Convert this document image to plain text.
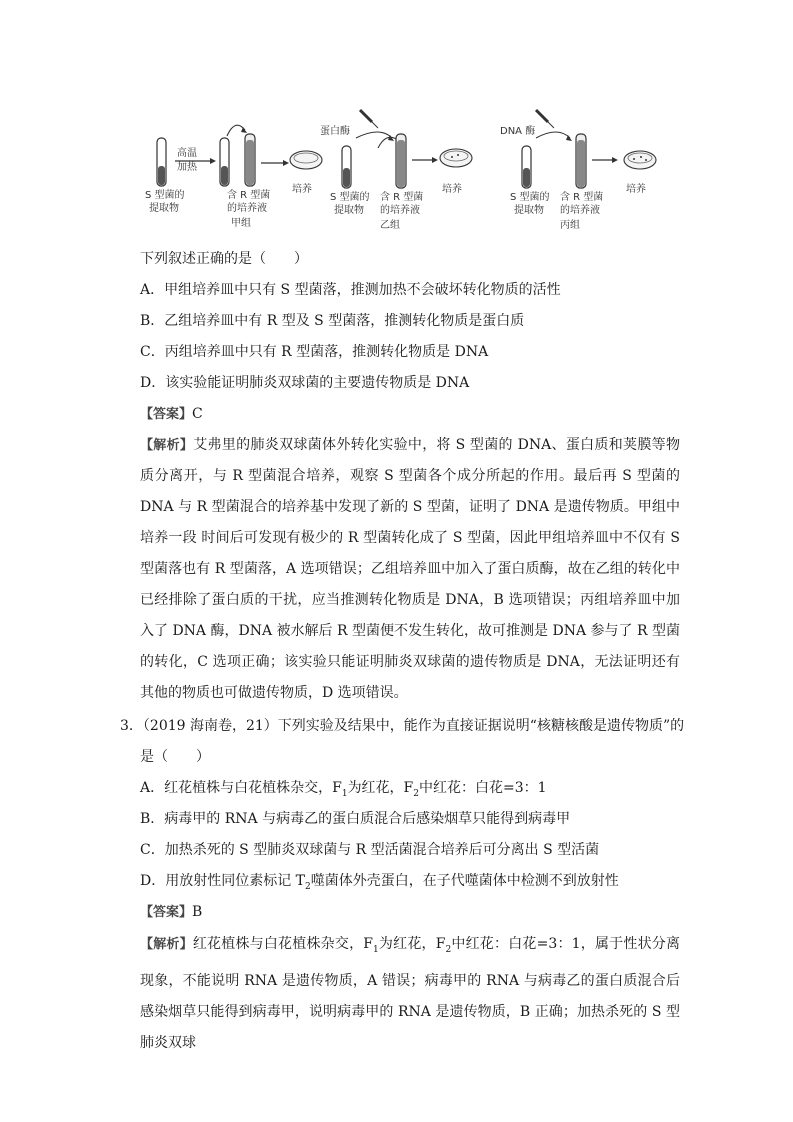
高温
加热
S 型菌的
提取物
含 R 型菌
的培养液
培养
甲组
蛋白酶
S 型菌的
提取物
含 R 型菌
的培养液
培养
乙组
DNA 酶
S 型菌的
提取物
含 R 型菌
的培养液
培养
丙组
下列叙述正确的是（　　）
A．甲组培养皿中只有 S 型菌落，推测加热不会破坏转化物质的活性
B．乙组培养皿中有 R 型及 S 型菌落，推测转化物质是蛋白质
C．丙组培养皿中只有 R 型菌落，推测转化物质是 DNA
D．该实验能证明肺炎双球菌的主要遗传物质是 DNA
【答案】C
【解析】艾弗里的肺炎双球菌体外转化实验中，将 S 型菌的 DNA、蛋白质和荚膜等物质分离开，与 R 型菌混合培养，观察 S 型菌各个成分所起的作用。最后再 S 型菌的 DNA 与 R 型菌混合的培养基中发现了新的 S 型菌，证明了 DNA 是遗传物质。甲组中培养一段 时间后可发现有极少的 R 型菌转化成了 S 型菌，因此甲组培养皿中不仅有 S 型菌落也有 R 型菌落，A 选项错误；乙组培养皿中加入了蛋白质酶，故在乙组的转化中已经排除了蛋白质的干扰，应当推测转化物质是 DNA，B 选项错误；丙组培养皿中加入了 DNA 酶，DNA 被水解后 R 型菌便不发生转化，故可推测是 DNA 参与了 R 型菌的转化，C 选项正确；该实验只能证明肺炎双球菌的遗传物质是 DNA，无法证明还有其他的物质也可做遗传物质，D 选项错误。
3．（2019 海南卷，21）下列实验及结果中，能作为直接证据说明“核糖核酸是遗传物质”的
是（　　）
A．红花植株与白花植株杂交，$F_1$为红花，$F_2$中红花：白花=3：1
B．病毒甲的 RNA 与病毒乙的蛋白质混合后感染烟草只能得到病毒甲
C．加热杀死的 S 型肺炎双球菌与 R 型活菌混合培养后可分离出 S 型活菌
D．用放射性同位素标记 $T_2$噬菌体外壳蛋白，在子代噬菌体中检测不到放射性
【答案】B
【解析】红花植株与白花植株杂交，$F_1$为红花，$F_2$中红花：白花=3：1，属于性状分离现象，不能说明 RNA 是遗传物质，A 错误；病毒甲的 RNA 与病毒乙的蛋白质混合后感染烟草只能得到病毒甲，说明病毒甲的 RNA 是遗传物质，B 正确；加热杀死的 S 型肺炎双球
